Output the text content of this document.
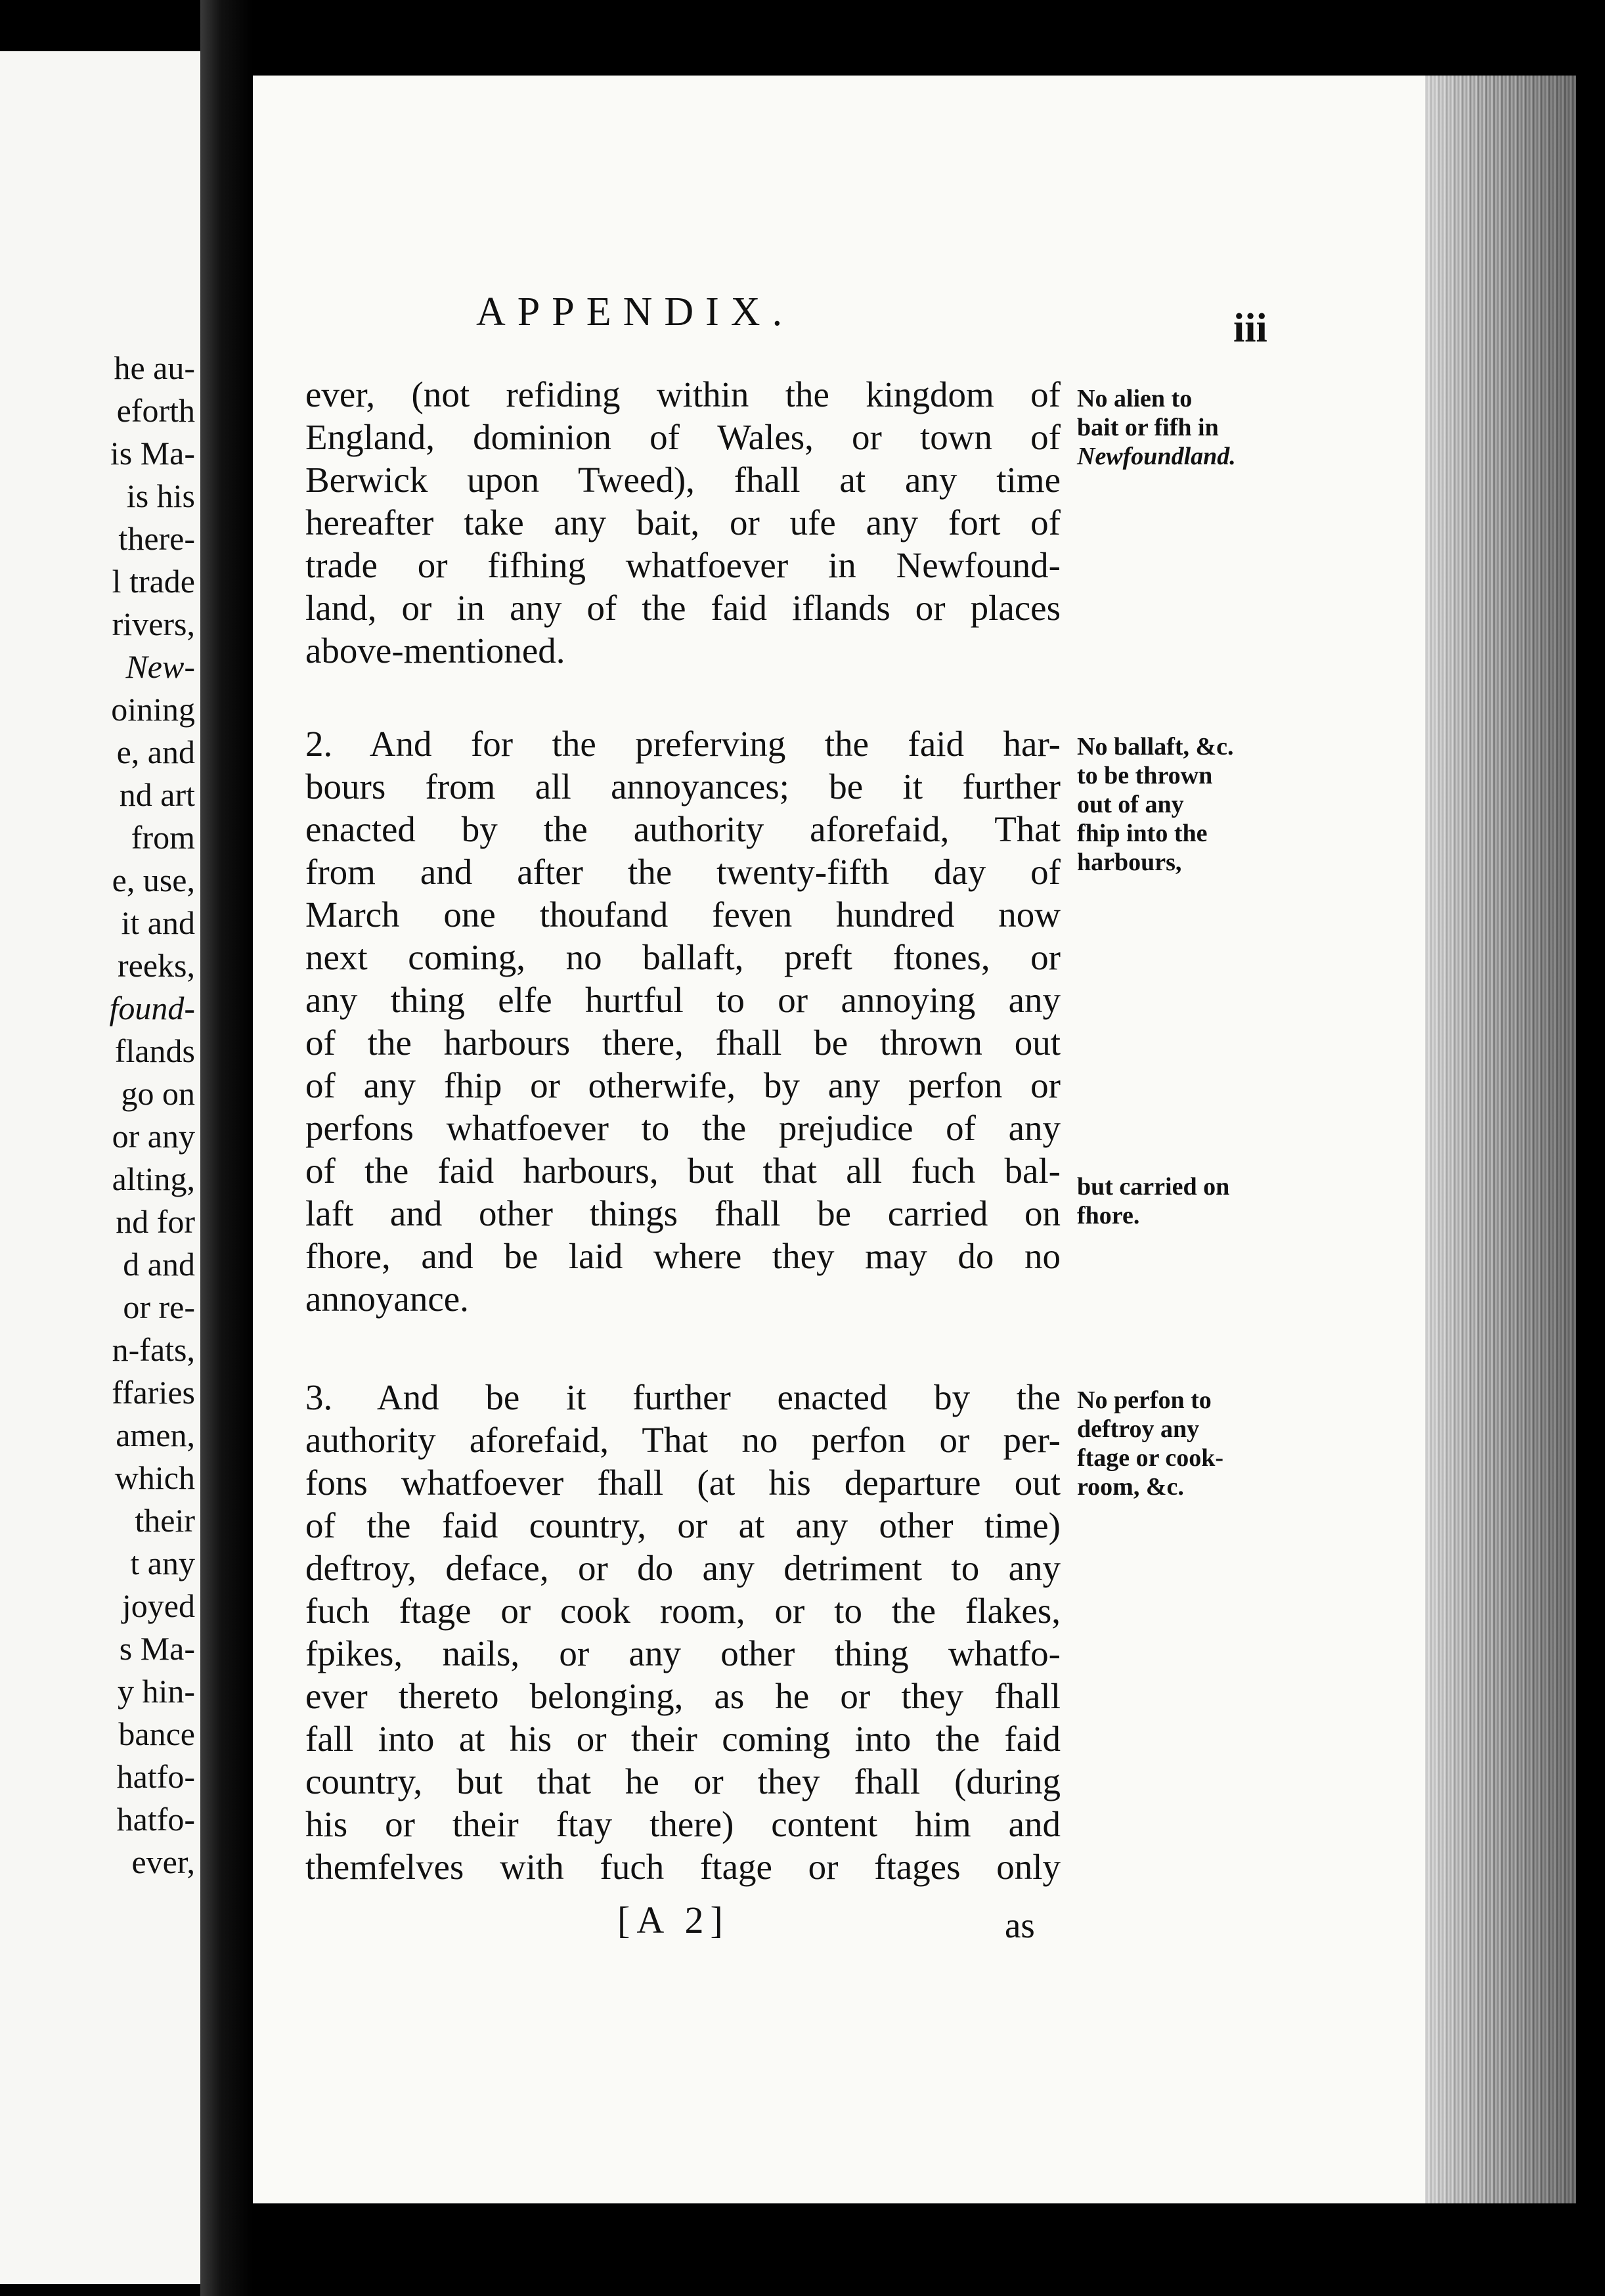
he au-
eforth
is Ma-
is his
there-
l trade
rivers,
New-
oining
e, and
nd art
from
e, use,
it and
reeks,
found-
flands
go on
or any
alting,
nd for
d and
or re-
n-fats,
ffaries
amen,
which
their
t any
joyed
s Ma-
y hin-
bance
hatfo-
hatfo-
ever,
APPENDIX.	iii
ever, (not refiding within the kingdom of
England, dominion of Wales, or town of
Berwick upon Tweed), fhall at any time
hereafter take any bait, or ufe any fort of
trade or fifhing whatfoever in Newfound-
land, or in any of the faid iflands or places
above-mentioned.
No alien to
bait or fifh in
Newfoundland.
2. And for the preferving the faid har-
bours from all annoyances; be it further
enacted by the authority aforefaid, That
from and after the twenty-fifth day of
March one thoufand feven hundred now
next coming, no ballaft, preft ftones, or
any thing elfe hurtful to or annoying any
of the harbours there, fhall be thrown out
of any fhip or otherwife, by any perfon or
perfons whatfoever to the prejudice of any
of the faid harbours, but that all fuch bal-
laft and other things fhall be carried on
fhore, and be laid where they may do no
annoyance.
No ballaft, &c.
to be thrown
out of any
fhip into the
harbours,
but carried on
fhore.
3. And be it further enacted by the
authority aforefaid, That no perfon or per-
fons whatfoever fhall (at his departure out
of the faid country, or at any other time)
deftroy, deface, or do any detriment to any
fuch ftage or cook room, or to the flakes,
fpikes, nails, or any other thing whatfo-
ever thereto belonging, as he or they fhall
fall into at his or their coming into the faid
country, but that he or they fhall (during
his or their ftay there) content him and
themfelves with fuch ftage or ftages only
No perfon to
deftroy any
ftage or cook-
room, &c.
[A 2]	as
